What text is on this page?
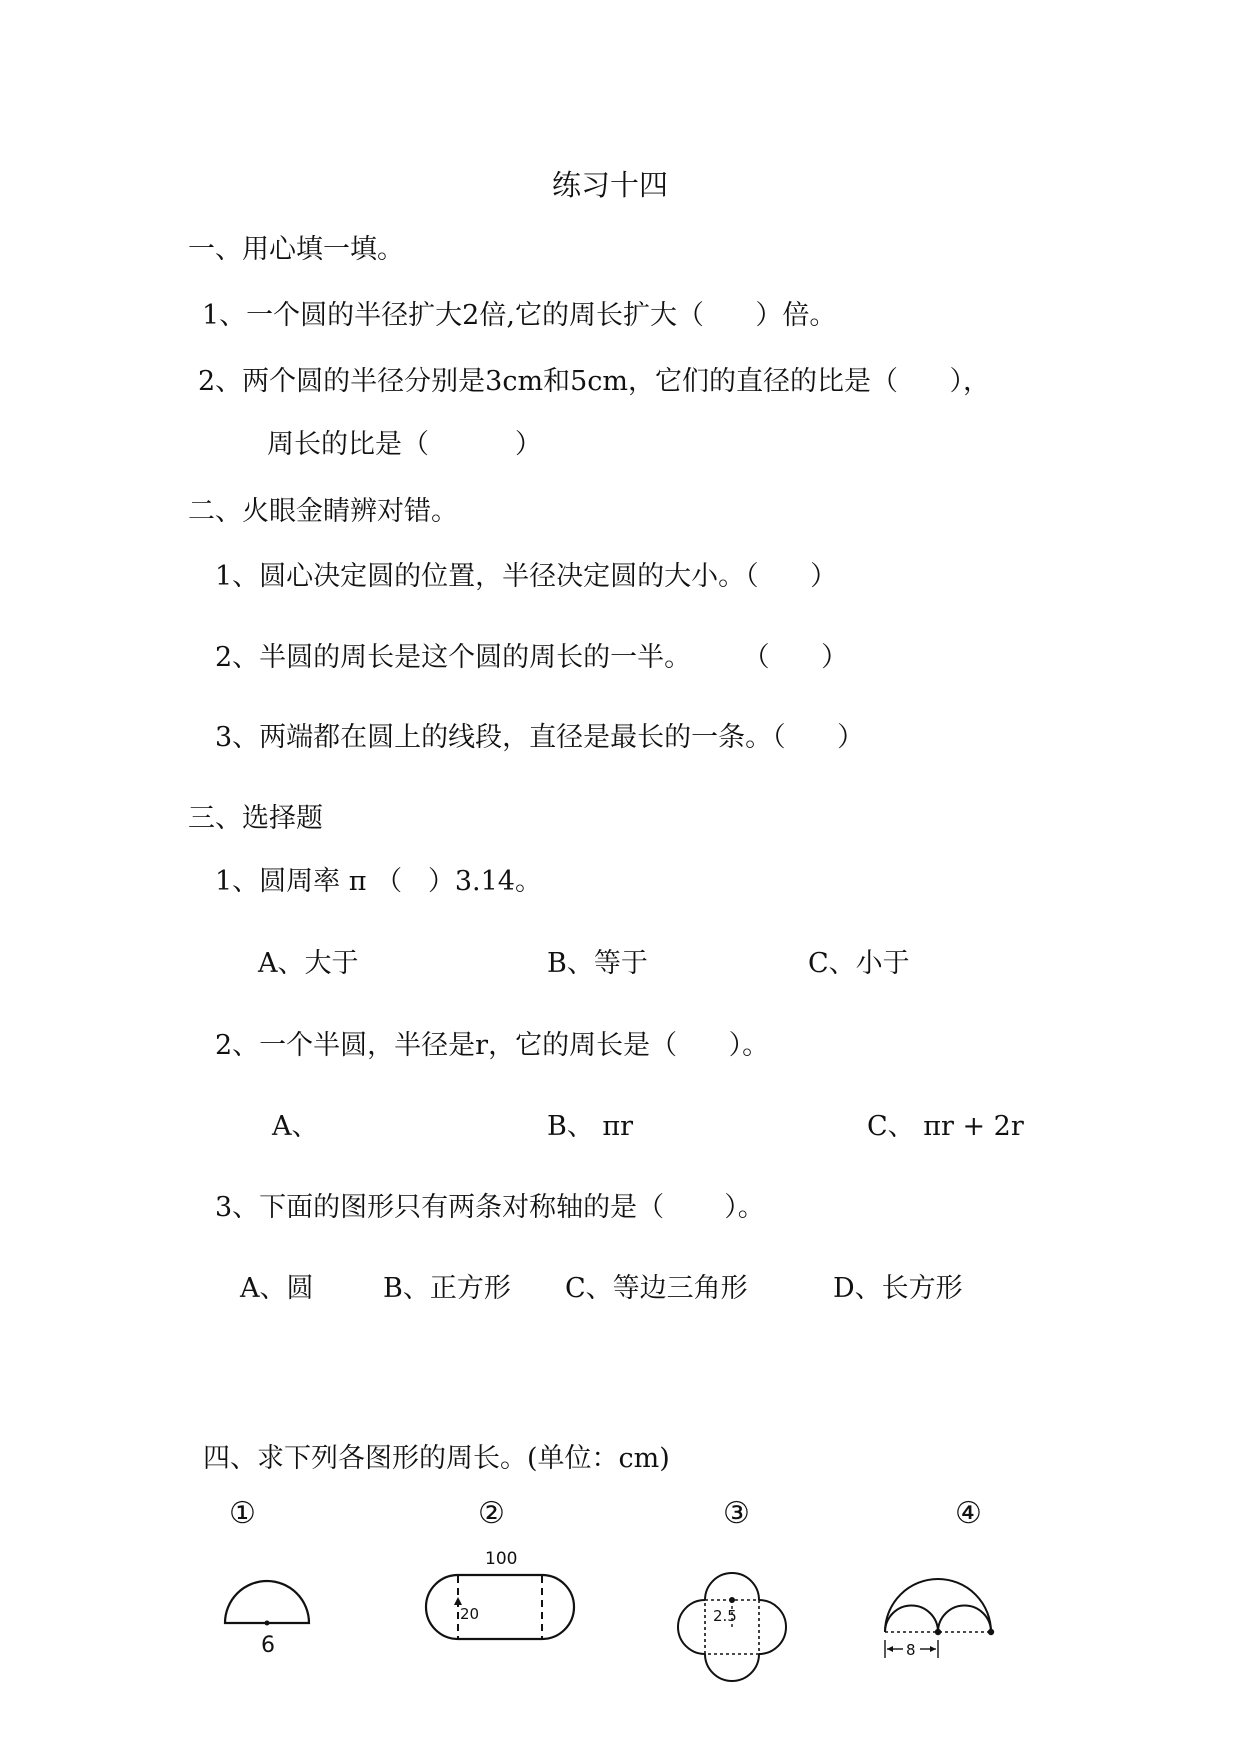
练习十四
一、用心填一填。
1、一个圆的半径扩大2倍,它的周长扩大（      ）倍。
2、两个圆的半径分别是3cm和5cm，它们的直径的比是（      ），
周长的比是（          ）
二、火眼金睛辨对错。
1、圆心决定圆的位置，半径决定圆的大小。（      ）
2、半圆的周长是这个圆的周长的一半。      （      ）
3、两端都在圆上的线段，直径是最长的一条。（      ）
三、选择题
1、圆周率 π （   ）3.14。
A、大于	B、等于	C、小于
2、一个半圆，半径是r，它的周长是（      ）。
A、	B、 πr	C、 πr + 2r
3、下面的图形只有两条对称轴的是（       ）。
A、圆	B、正方形 C、等边三角形	D、长方形
四、求下列各图形的周长。(单位：cm)
①	②	③	④
6
100
20	2.5
8
